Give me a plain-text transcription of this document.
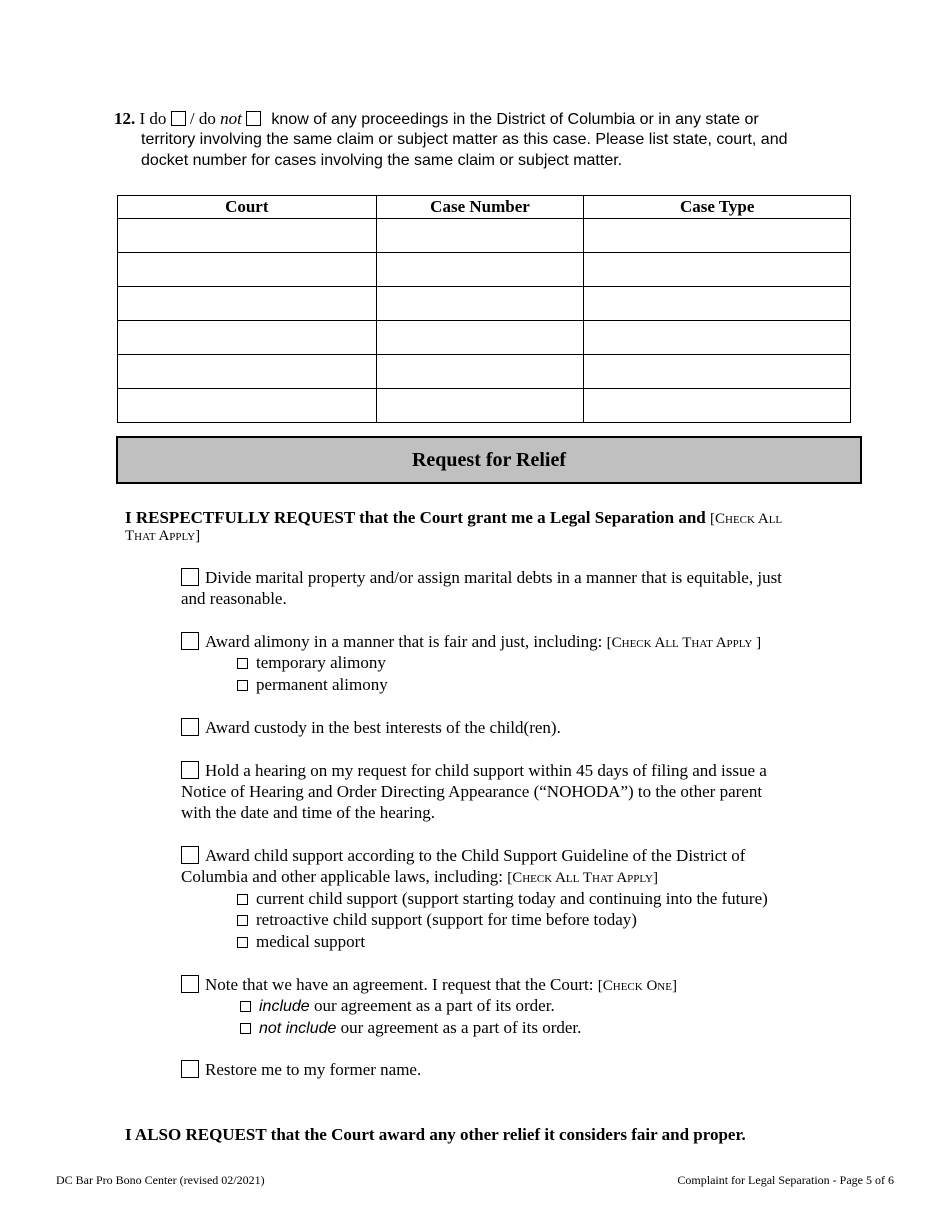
12. I do / do not know of any proceedings in the District of Columbia or in any state or
territory involving the same claim or subject matter as this case. Please list state, court, and
docket number for cases involving the same claim or subject matter.
Court	Case Number	Case Type

Request for Relief
I RESPECTFULLY REQUEST that the Court grant me a Legal Separation and [Check All
That Apply]
Divide marital property and/or assign marital debts in a manner that is equitable, just
and reasonable.
Award alimony in a manner that is fair and just, including: [Check All That Apply ]
temporary alimony
permanent alimony
Award custody in the best interests of the child(ren).
Hold a hearing on my request for child support within 45 days of filing and issue a
Notice of Hearing and Order Directing Appearance (“NOHODA”) to the other parent
with the date and time of the hearing.
Award child support according to the Child Support Guideline of the District of
Columbia and other applicable laws, including: [Check All That Apply]
current child support (support starting today and continuing into the future)
retroactive child support (support for time before today)
medical support
Note that we have an agreement. I request that the Court: [Check One]
include our agreement as a part of its order.
not include our agreement as a part of its order.
Restore me to my former name.
I ALSO REQUEST that the Court award any other relief it considers fair and proper.
DC Bar Pro Bono Center (revised 02/2021)	Complaint for Legal Separation - Page 5 of 6
